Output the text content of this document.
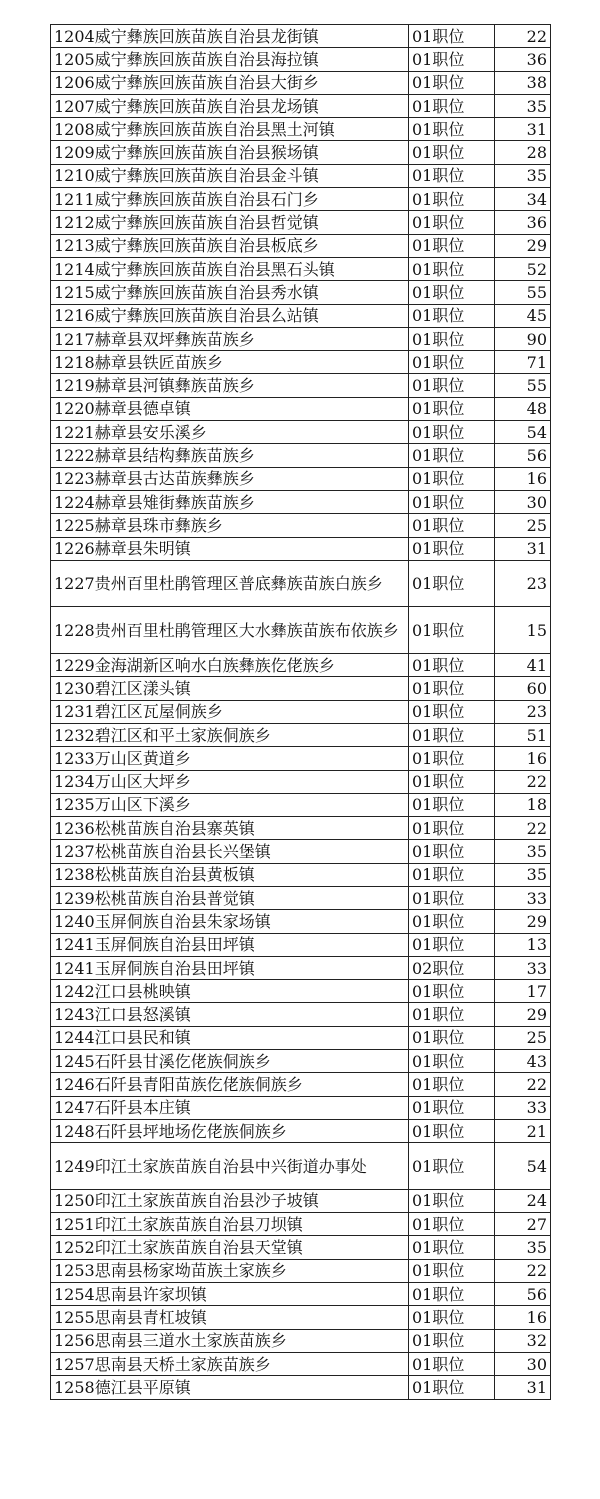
1204威宁彝族回族苗族自治县龙街镇	01职位	22
1205威宁彝族回族苗族自治县海拉镇	01职位	36
1206威宁彝族回族苗族自治县大街乡	01职位	38
1207威宁彝族回族苗族自治县龙场镇	01职位	35
1208威宁彝族回族苗族自治县黑土河镇	01职位	31
1209威宁彝族回族苗族自治县猴场镇	01职位	28
1210威宁彝族回族苗族自治县金斗镇	01职位	35
1211威宁彝族回族苗族自治县石门乡	01职位	34
1212威宁彝族回族苗族自治县哲觉镇	01职位	36
1213威宁彝族回族苗族自治县板底乡	01职位	29
1214威宁彝族回族苗族自治县黑石头镇	01职位	52
1215威宁彝族回族苗族自治县秀水镇	01职位	55
1216威宁彝族回族苗族自治县么站镇	01职位	45
1217赫章县双坪彝族苗族乡	01职位	90
1218赫章县铁匠苗族乡	01职位	71
1219赫章县河镇彝族苗族乡	01职位	55
1220赫章县德卓镇	01职位	48
1221赫章县安乐溪乡	01职位	54
1222赫章县结构彝族苗族乡	01职位	56
1223赫章县古达苗族彝族乡	01职位	16
1224赫章县雉街彝族苗族乡	01职位	30
1225赫章县珠市彝族乡	01职位	25
1226赫章县朱明镇	01职位	31
1227贵州百里杜鹃管理区普底彝族苗族白族乡	01职位	23
1228贵州百里杜鹃管理区大水彝族苗族布依族乡	01职位	15
1229金海湖新区响水白族彝族仡佬族乡	01职位	41
1230碧江区漾头镇	01职位	60
1231碧江区瓦屋侗族乡	01职位	23
1232碧江区和平土家族侗族乡	01职位	51
1233万山区黄道乡	01职位	16
1234万山区大坪乡	01职位	22
1235万山区下溪乡	01职位	18
1236松桃苗族自治县寨英镇	01职位	22
1237松桃苗族自治县长兴堡镇	01职位	35
1238松桃苗族自治县黄板镇	01职位	35
1239松桃苗族自治县普觉镇	01职位	33
1240玉屏侗族自治县朱家场镇	01职位	29
1241玉屏侗族自治县田坪镇	01职位	13
1241玉屏侗族自治县田坪镇	02职位	33
1242江口县桃映镇	01职位	17
1243江口县怒溪镇	01职位	29
1244江口县民和镇	01职位	25
1245石阡县甘溪仡佬族侗族乡	01职位	43
1246石阡县青阳苗族仡佬族侗族乡	01职位	22
1247石阡县本庄镇	01职位	33
1248石阡县坪地场仡佬族侗族乡	01职位	21
1249印江土家族苗族自治县中兴街道办事处	01职位	54
1250印江土家族苗族自治县沙子坡镇	01职位	24
1251印江土家族苗族自治县刀坝镇	01职位	27
1252印江土家族苗族自治县天堂镇	01职位	35
1253思南县杨家坳苗族土家族乡	01职位	22
1254思南县许家坝镇	01职位	56
1255思南县青杠坡镇	01职位	16
1256思南县三道水土家族苗族乡	01职位	32
1257思南县天桥土家族苗族乡	01职位	30
1258德江县平原镇	01职位	31
